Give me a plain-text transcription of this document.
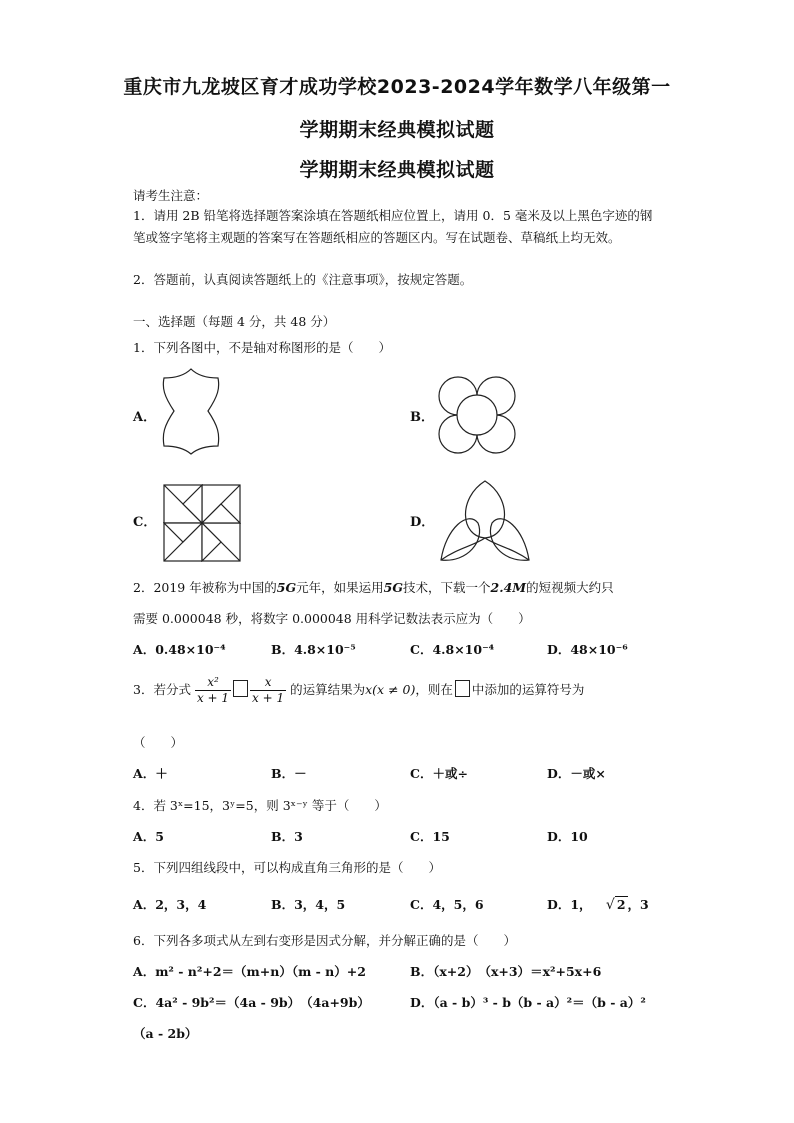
重庆市九龙坡区育才成功学校2023-2024学年数学八年级第一
学期期末经典模拟试题
学期期末经典模拟试题
请考生注意：
1．请用 2B 铅笔将选择题答案涂填在答题纸相应位置上，请用 0．5 毫米及以上黑色字迹的钢笔或签字笔将主观题的答案写在答题纸相应的答题区内。写在试题卷、草稿纸上均无效。
2．答题前，认真阅读答题纸上的《注意事项》，按规定答题。
一、选择题（每题 4 分，共 48 分）
1．下列各图中，不是轴对称图形的是（　　）
A．	B．
C．	D．
2．2019 年被称为中国的5G元年，如果运用5G技术，下载一个2.4M的短视频大约只
需要 0.000048 秒，将数字 0.000048 用科学记数法表示应为（　　）
A．0.48×10⁻⁴	B．4.8×10⁻⁵	C．4.8×10⁻⁴	D．48×10⁻⁶
3．若分式 $\frac{\text{x²}}{x + 1} \frac{x}{x + 1}$ 的运算结果为x(x ≠ 0)，则在 中添加的运算符号为
（　　）
A．＋	B．－	C．＋或÷	D．－或×
4．若 3ˣ=15，3ʸ=5，则 3ˣ⁻ʸ 等于（　　）
A．5	B．3	C．15	D．10
5．下列四组线段中，可以构成直角三角形的是（　　）
A．2，3，4	B．3，4，5	C．4，5，6	D．1， √ 2 ，3
6．下列各多项式从左到右变形是因式分解，并分解正确的是（　　）
A．m² - n²+2＝（m+n）（m - n）+2	B．（x+2）　（x+3）＝x²+5x+6
C．4a² - 9b²＝（4a - 9b）　（4a+9b）	D．（a - b）³ - b（b - a）²＝（b - a）²
（a - 2b）
